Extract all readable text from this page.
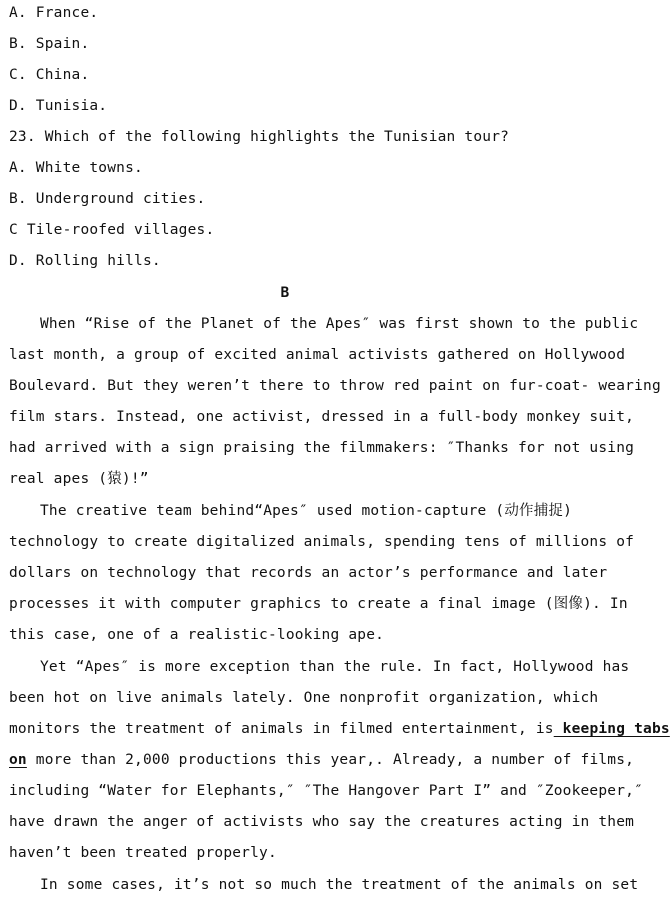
A. France.
B. Spain.
C. China.
D. Tunisia.
23. Which of the following highlights the Tunisian tour?
A. White towns.
B. Underground cities.
C Tile-roofed villages.
D. Rolling hills.
B
When “Rise of the Planet of the Apes″ was first shown to the public
last month, a group of excited animal activists gathered on Hollywood
Boulevard. But they weren’t there to throw red paint on fur-coat- wearing
film stars. Instead, one activist, dressed in a full-body monkey suit,
had arrived with a sign praising the filmmakers: ″Thanks for not using
real apes (猿)!”
The creative team behind“Apes″ used motion-capture (动作捕捉)
technology to create digitalized animals, spending tens of millions of
dollars on technology that records an actor’s performance and later
processes it with computer graphics to create a final image (图像). In
this case, one of a realistic-looking ape.
Yet “Apes″ is more exception than the rule. In fact, Hollywood has
been hot on live animals lately. One nonprofit organization, which
monitors the treatment of animals in filmed entertainment, is keeping tabs
on more than 2,000 productions this year,. Already, a number of films,
including “Water for Elephants,″ ″The Hangover Part I” and ″Zookeeper,″
have drawn the anger of activists who say the creatures acting in them
haven’t been treated properly.
In some cases, it’s not so much the treatment of the animals on set
